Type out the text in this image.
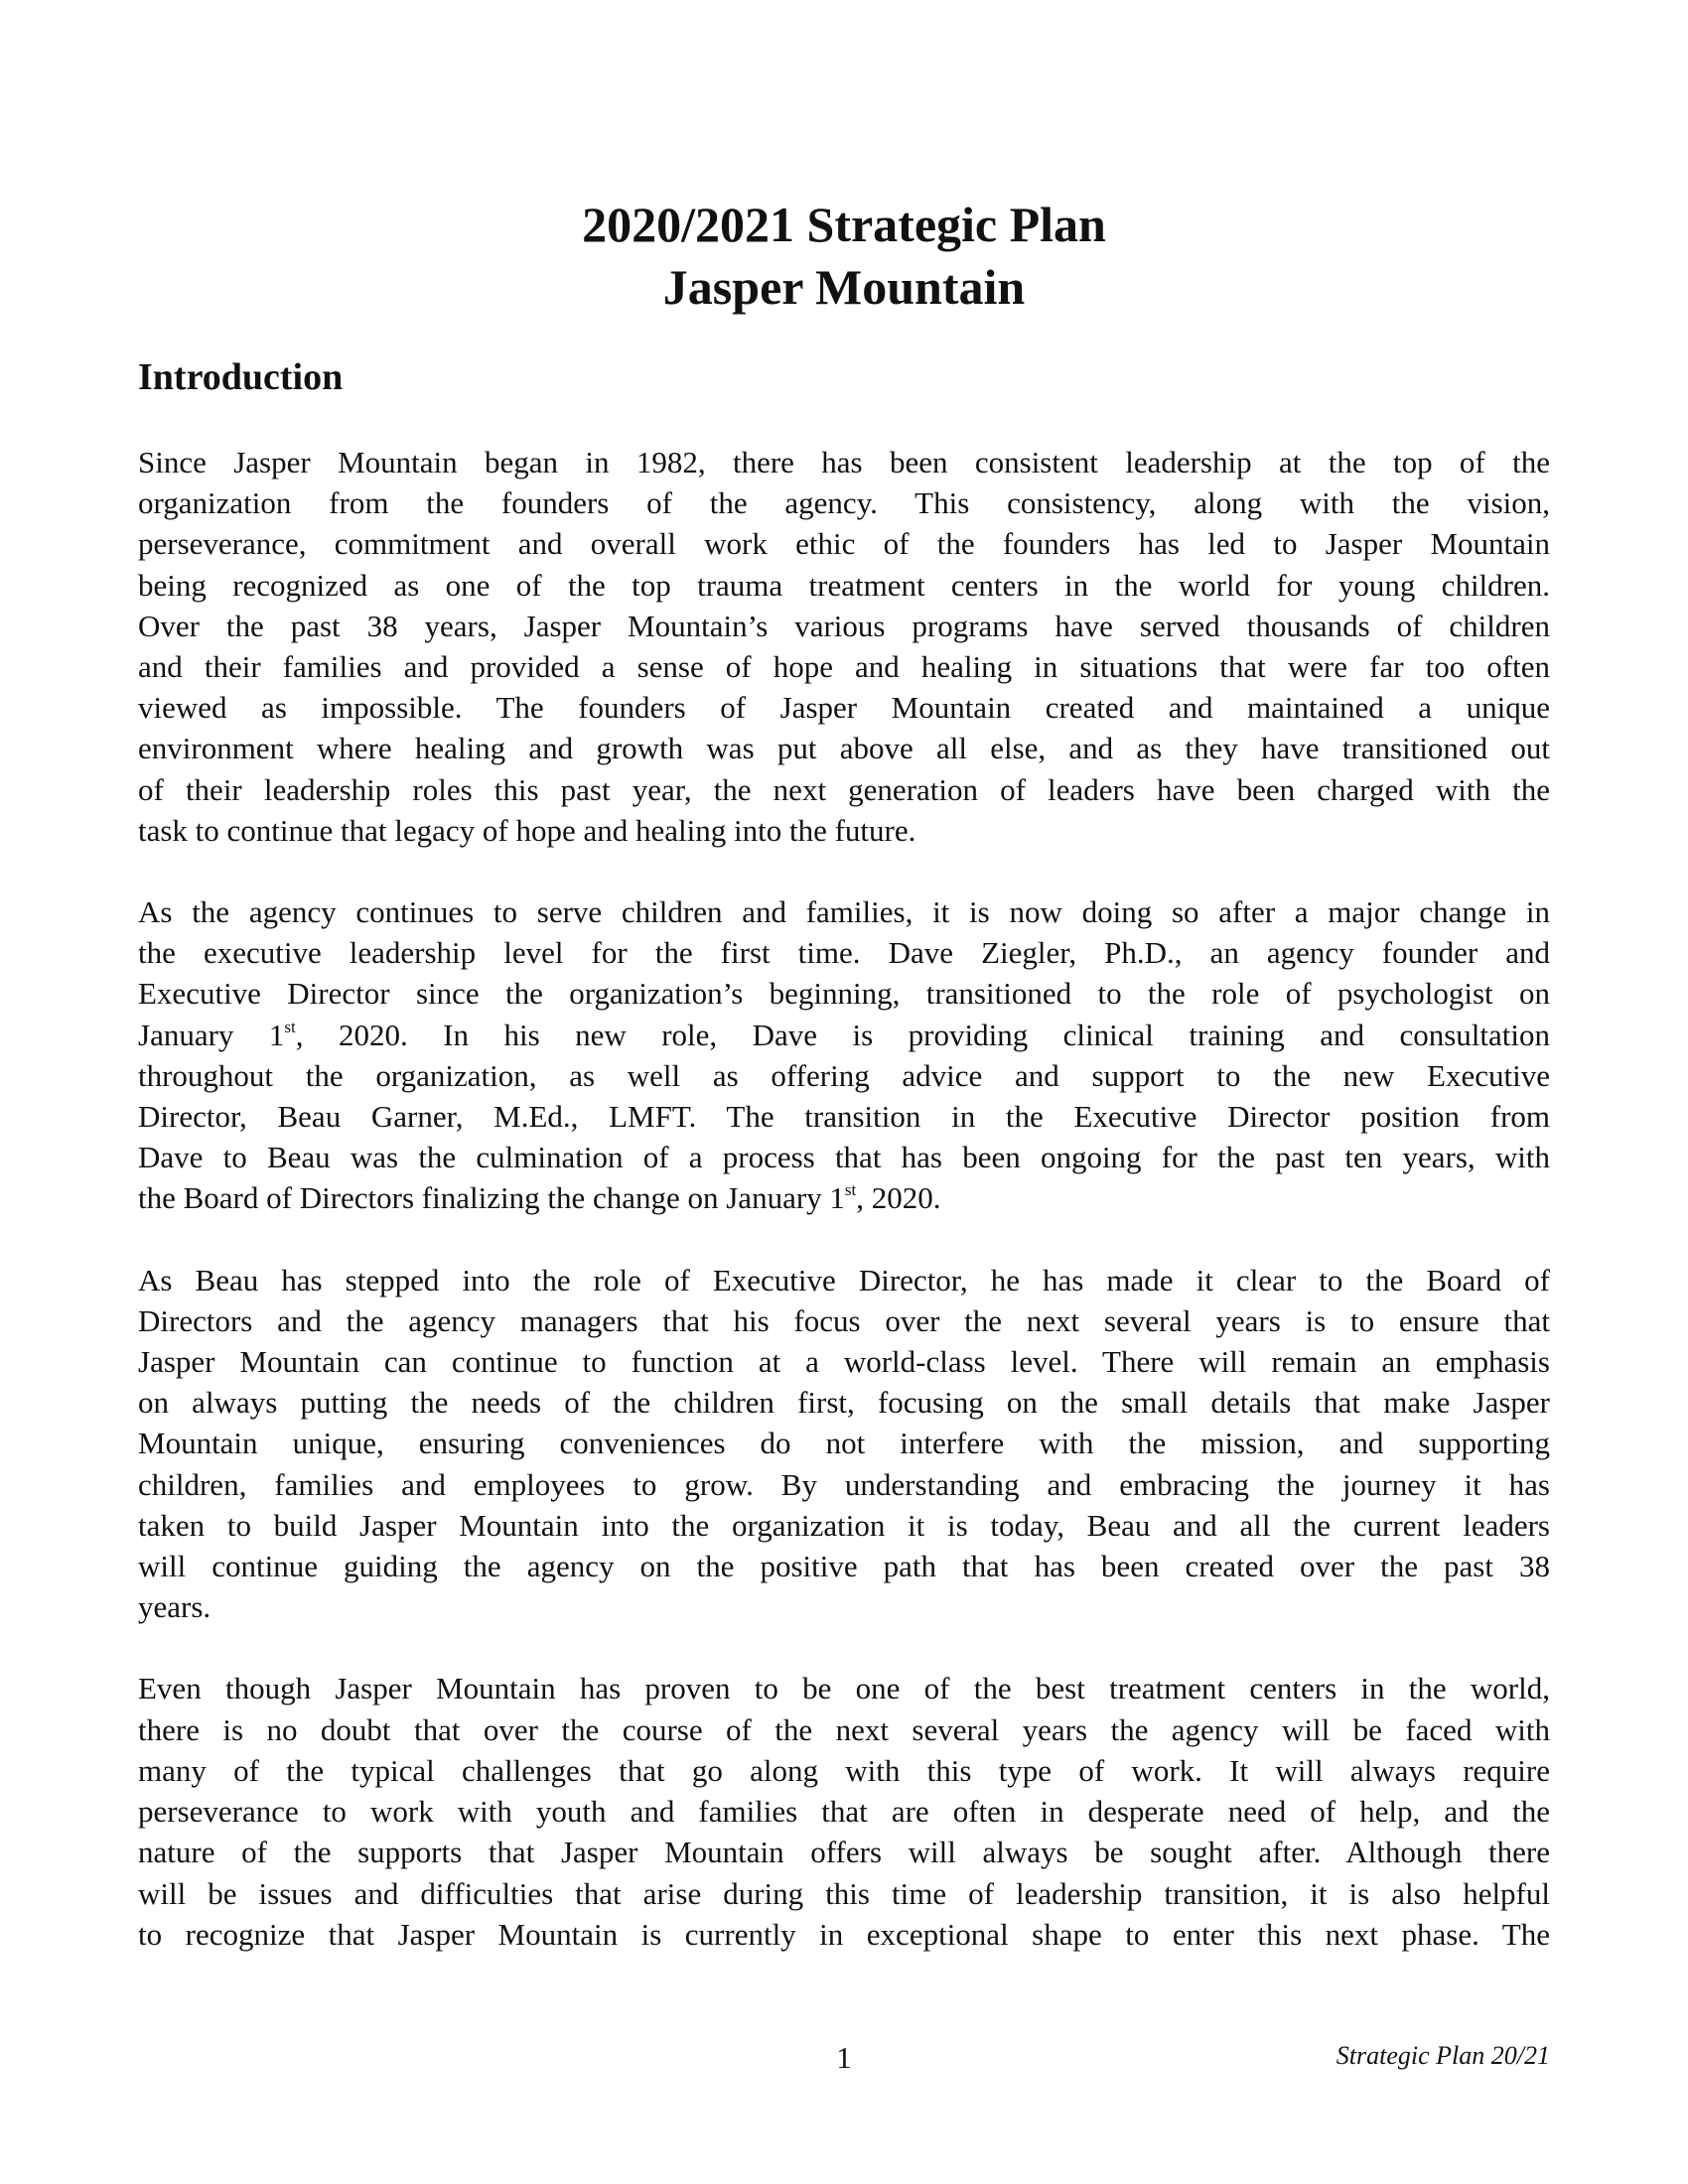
2020/2021 Strategic Plan

Jasper Mountain

Introduction
Since Jasper Mountain began in 1982, there has been consistent leadership at the top of the
organization from the founders of the agency. This consistency, along with the vision,
perseverance, commitment and overall work ethic of the founders has led to Jasper Mountain
being recognized as one of the top trauma treatment centers in the world for young children.
Over the past 38 years, Jasper Mountain’s various programs have served thousands of children
and their families and provided a sense of hope and healing in situations that were far too often
viewed as impossible. The founders of Jasper Mountain created and maintained a unique
environment where healing and growth was put above all else, and as they have transitioned out
of their leadership roles this past year, the next generation of leaders have been charged with the
task to continue that legacy of hope and healing into the future.
As the agency continues to serve children and families, it is now doing so after a major change in
the executive leadership level for the first time. Dave Ziegler, Ph.D., an agency founder and
Executive Director since the organization’s beginning, transitioned to the role of psychologist on
January 1st, 2020. In his new role, Dave is providing clinical training and consultation
throughout the organization, as well as offering advice and support to the new Executive
Director, Beau Garner, M.Ed., LMFT. The transition in the Executive Director position from
Dave to Beau was the culmination of a process that has been ongoing for the past ten years, with
the Board of Directors finalizing the change on January 1st, 2020.
As Beau has stepped into the role of Executive Director, he has made it clear to the Board of
Directors and the agency managers that his focus over the next several years is to ensure that
Jasper Mountain can continue to function at a world-class level. There will remain an emphasis
on always putting the needs of the children first, focusing on the small details that make Jasper
Mountain unique, ensuring conveniences do not interfere with the mission, and supporting
children, families and employees to grow. By understanding and embracing the journey it has
taken to build Jasper Mountain into the organization it is today, Beau and all the current leaders
will continue guiding the agency on the positive path that has been created over the past 38
years.
Even though Jasper Mountain has proven to be one of the best treatment centers in the world,
there is no doubt that over the course of the next several years the agency will be faced with
many of the typical challenges that go along with this type of work. It will always require
perseverance to work with youth and families that are often in desperate need of help, and the
nature of the supports that Jasper Mountain offers will always be sought after. Although there
will be issues and difficulties that arise during this time of leadership transition, it is also helpful
to recognize that Jasper Mountain is currently in exceptional shape to enter this next phase. The
1	Strategic Plan 20/21
